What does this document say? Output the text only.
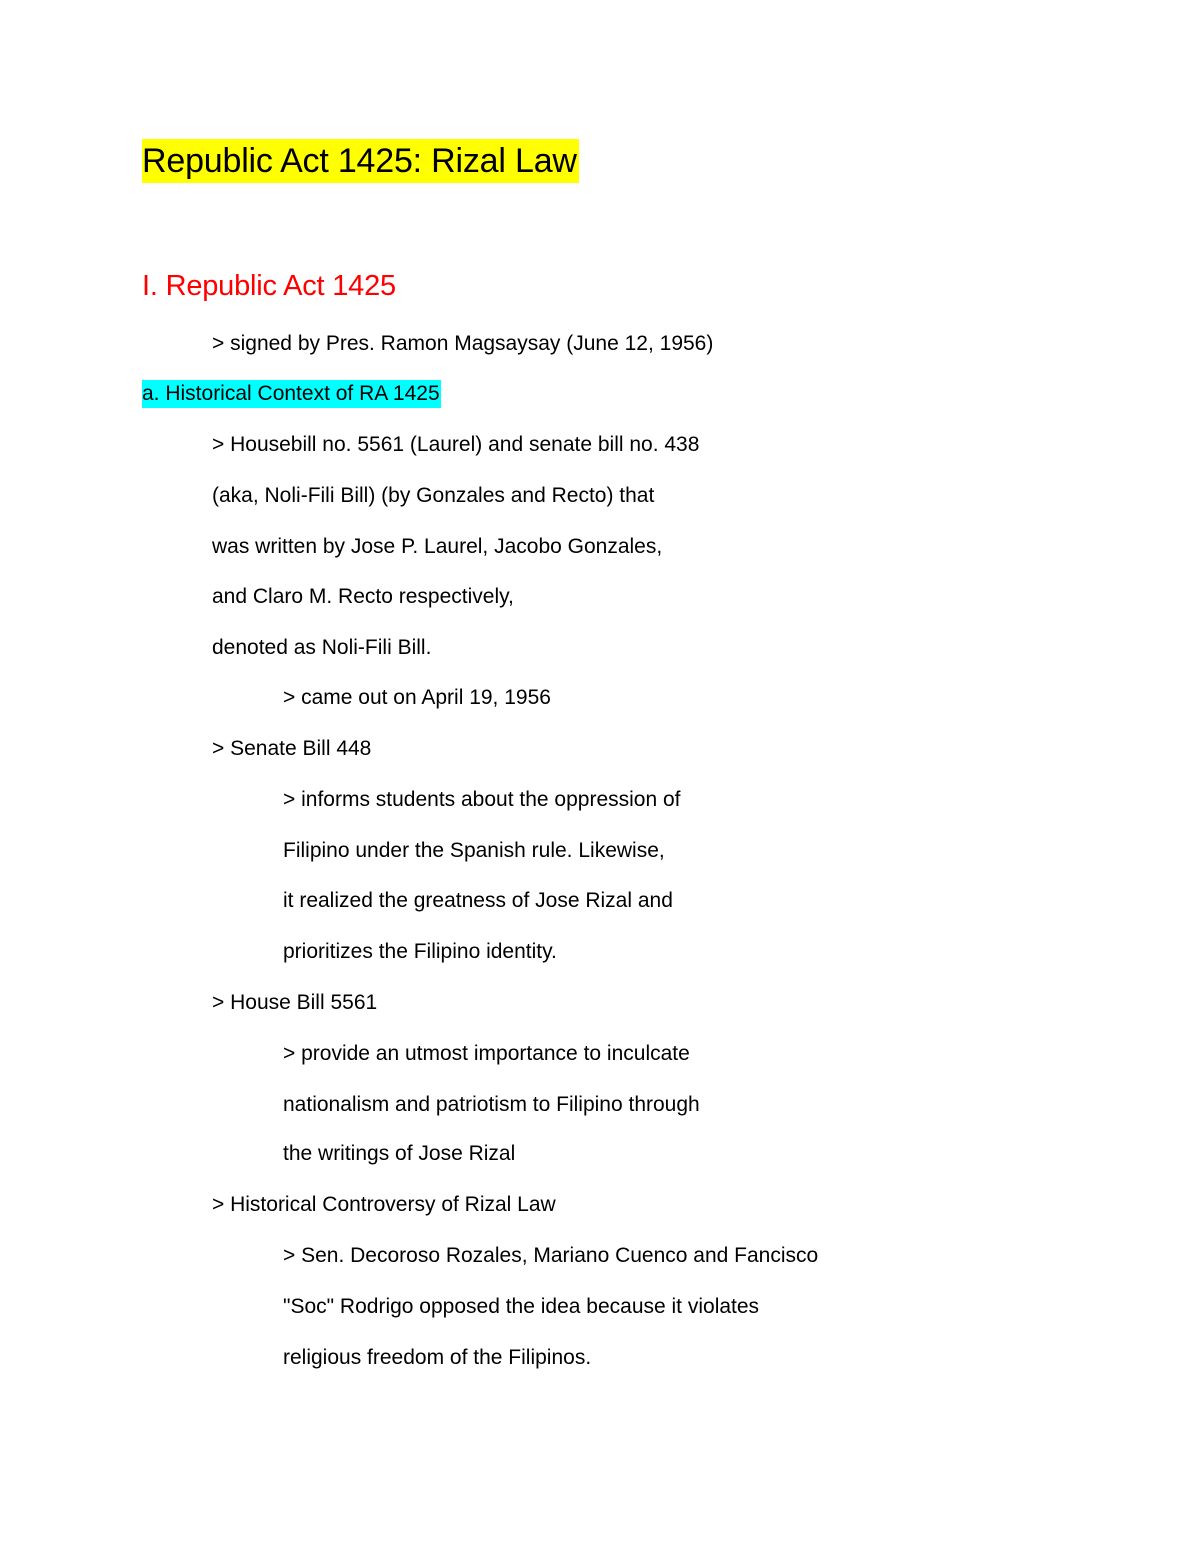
Republic Act 1425: Rizal Law
I. Republic Act 1425
> signed by Pres. Ramon Magsaysay (June 12, 1956)
a. Historical Context of RA 1425
> Housebill no. 5561 (Laurel) and senate bill no. 438
(aka, Noli-Fili Bill) (by Gonzales and Recto) that
was written by Jose P. Laurel, Jacobo Gonzales,
and Claro M. Recto respectively,
denoted as Noli-Fili Bill.
> came out on April 19, 1956
> Senate Bill 448
> informs students about the oppression of
Filipino under the Spanish rule. Likewise,
it realized the greatness of Jose Rizal and
prioritizes the Filipino identity.
> House Bill 5561
> provide an utmost importance to inculcate
nationalism and patriotism to Filipino through
the writings of Jose Rizal
> Historical Controversy of Rizal Law
> Sen. Decoroso Rozales, Mariano Cuenco and Fancisco
"Soc" Rodrigo opposed the idea because it violates
religious freedom of the Filipinos.
